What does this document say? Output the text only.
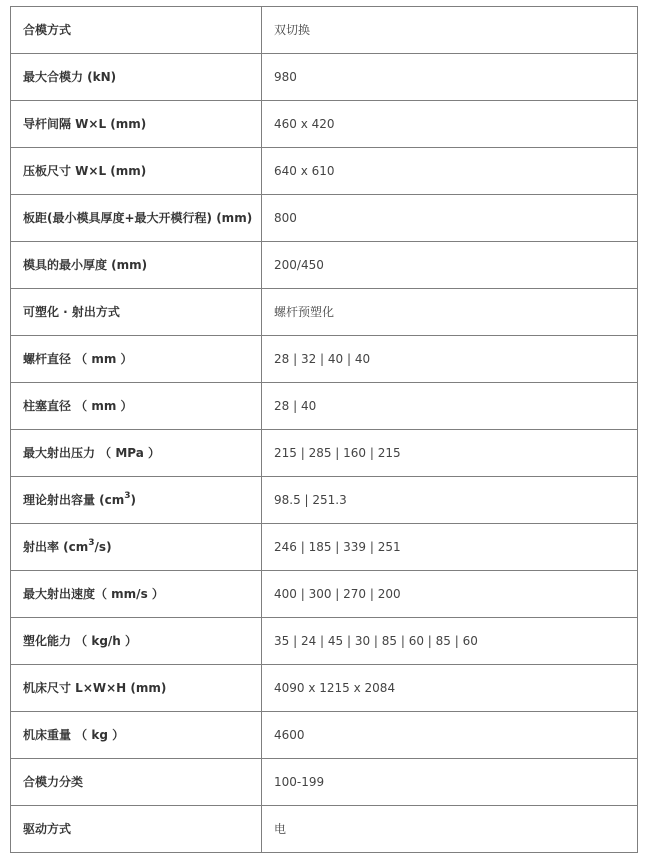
合模方式	双切换
最大合模力 (kN)	980
导杆间隔 W×L (mm)	460 x 420
压板尺寸 W×L (mm)	640 x 610
板距(最小模具厚度+最大开模行程) (mm)	800
模具的最小厚度 (mm)	200/450
可塑化 · 射出方式	螺杆预塑化
螺杆直径 （ mm ）	28 | 32 | 40 | 40
柱塞直径 （ mm ）	28 | 40
最大射出压力 （ MPa ）	215 | 285 | 160 | 215
理论射出容量 $(cm^3)$	98.5 | 251.3
射出率 $(cm^3/s)$	246 | 185 | 339 | 251
最大射出速度（ mm/s ）	400 | 300 | 270 | 200
塑化能力 （ kg/h ）	35 | 24 | 45 | 30 | 85 | 60 | 85 | 60
机床尺寸 L×W×H (mm)	4090 x 1215 x 2084
机床重量 （ kg ）	4600
合模力分类	100-199
驱动方式	电
